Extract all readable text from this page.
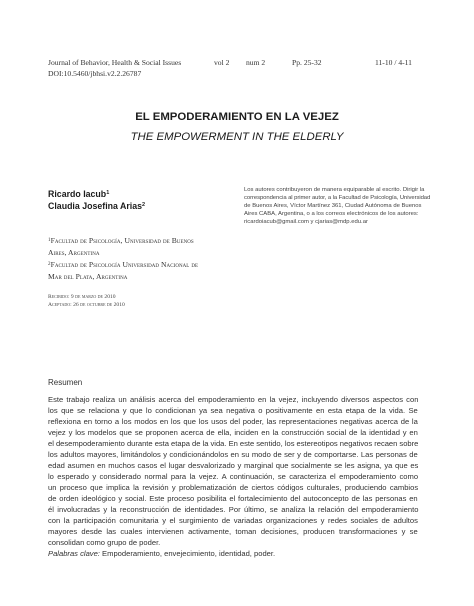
Journal of Behavior, Health & Social Issues	vol 2 num 2	Pp. 25-32	11-10 / 4-11
DOI:10.5460/jbhsi.v2.2.26787
EL EMPODERAMIENTO EN LA VEJEZ
THE EMPOWERMENT IN THE ELDERLY
Ricardo Iacub$^1$
Claudia Josefina Arias$^2$
$^1$Facultad de Psicología, Universidad de Buenos
Aires, Argentina
$^2$Facultad de Psicología Universidad Nacional de
Mar del Plata, Argentina
Recibido: 9 de marzo de 2010
Aceptado: 26 de octubre de 2010
Los autores contribuyeron de manera equiparable al escrito. Dirigir la
correspondencia al primer autor, a la Facultad de Psicología, Universidad
de Buenos Aires, Víctor Martínez 361, Ciudad Autónoma de Buenos
Aires CABA, Argentina, o a los correos electrónicos de los autores:
ricardoiacub@gmail.com y cjarias@mdp.edu.ar
Resumen
Este trabajo realiza un análisis acerca del empoderamiento en la vejez, incluyendo diversos aspectos con
los que se relaciona y que lo condicionan ya sea negativa o positivamente en esta etapa de la vida. Se
reflexiona en torno a los modos en los que los usos del poder, las representaciones negativas acerca de la
vejez y los modelos que se proponen acerca de ella, inciden en la construcción social de la identidad y en
el desempoderamiento durante esta etapa de la vida. En este sentido, los estereotipos negativos recaen sobre
los adultos mayores, limitándolos y condicionándolos en su modo de ser y de comportarse. Las personas de
edad asumen en muchos casos el lugar desvalorizado y marginal que socialmente se les asigna, ya que es
lo esperado y considerado normal para la vejez. A continuación, se caracteriza el empoderamiento como
un proceso que implica la revisión y problematización de ciertos códigos culturales, produciendo cambios
de orden ideológico y social. Este proceso posibilita el fortalecimiento del autoconcepto de las personas en
él involucradas y la reconstrucción de identidades. Por último, se analiza la relación del empoderamiento
con la participación comunitaria y el surgimiento de variadas organizaciones y redes sociales de adultos
mayores desde las cuales intervienen activamente, toman decisiones, producen transformaciones y se
consolidan como grupo de poder.
Palabras clave: Empoderamiento, envejecimiento, identidad, poder.
